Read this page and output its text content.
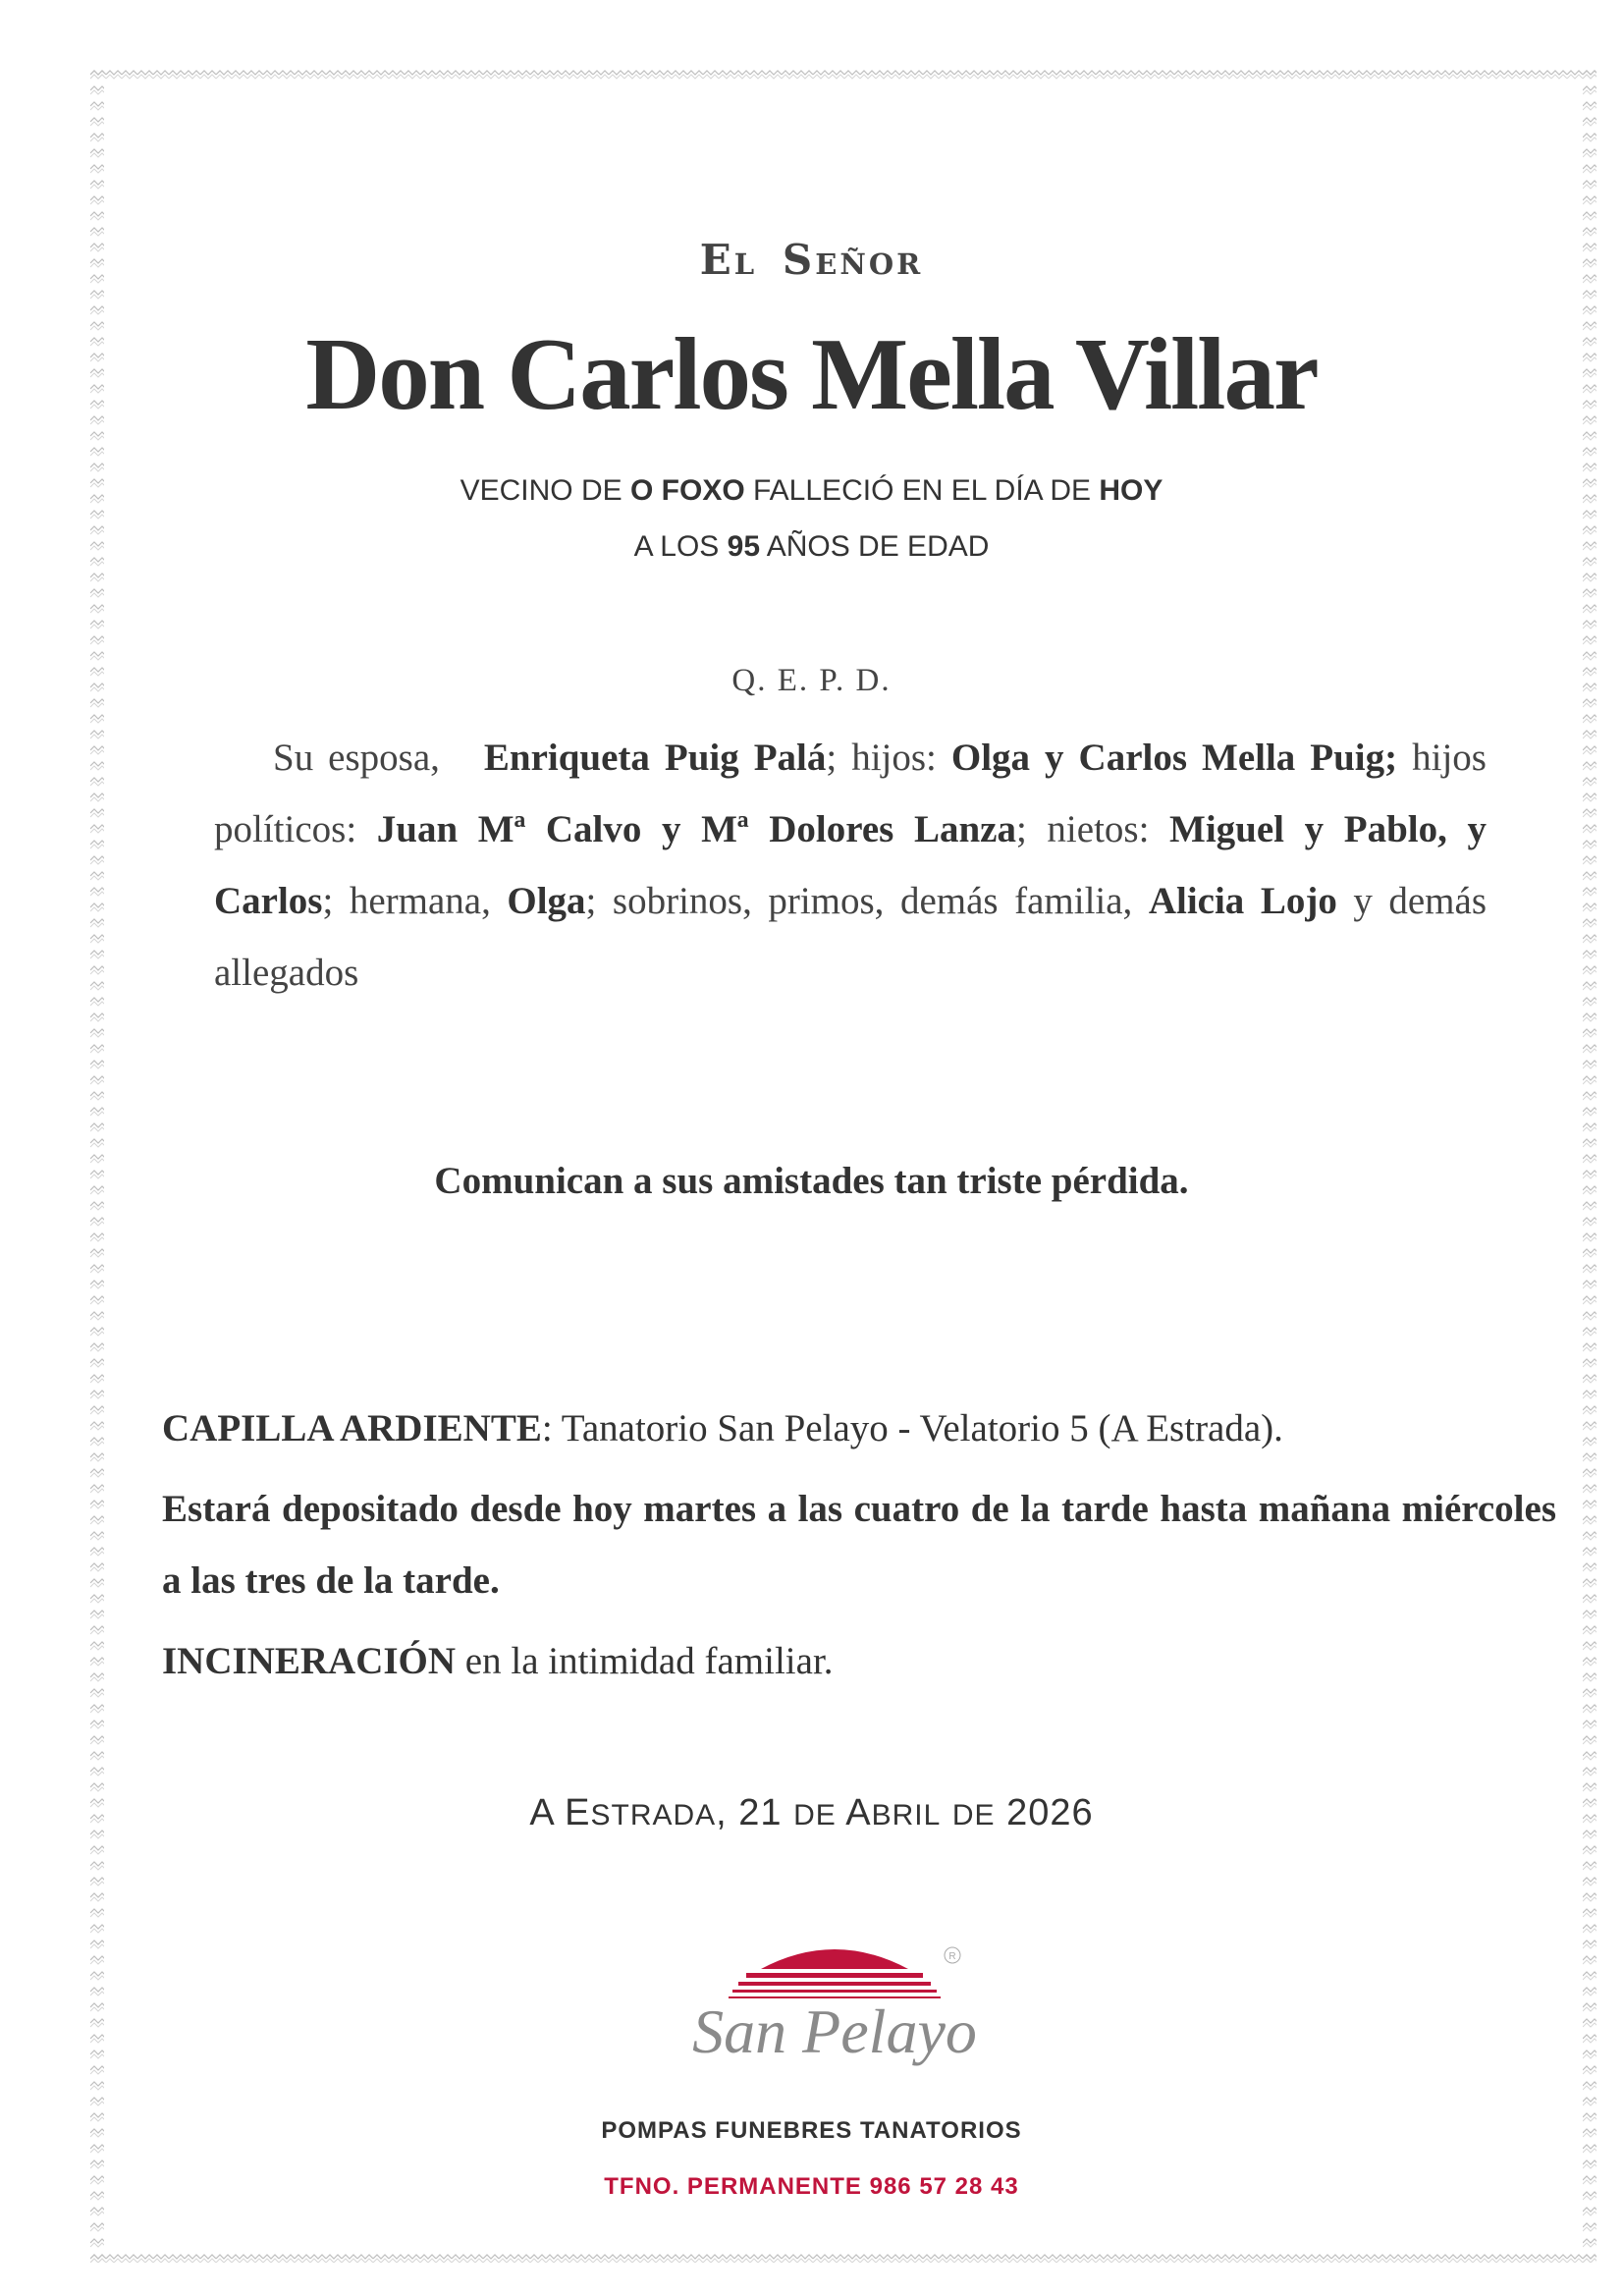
El Señor
Don Carlos Mella Villar
VECINO DE O FOXO FALLECIÓ EN EL DÍA DE HOY
A LOS 95 AÑOS DE EDAD
Q. E. P. D.
Su esposa, Enriqueta Puig Palá; hijos: Olga y Carlos Mella Puig; hijos políticos: Juan Mª Calvo y Mª Dolores Lanza; nietos: Miguel y Pablo, y Carlos; hermana, Olga; sobrinos, primos, demás familia, Alicia Lojo y demás allegados
Comunican a sus amistades tan triste pérdida.
CAPILLA ARDIENTE: Tanatorio San Pelayo - Velatorio 5 (A Estrada).
Estará depositado desde hoy martes a las cuatro de la tarde hasta mañana miércoles a las tres de la tarde.
INCINERACIÓN en la intimidad familiar.
A ESTRADA, 21 DE ABRIL DE 2026
R
San Pelayo
POMPAS FUNEBRES TANATORIOS
TFNO. PERMANENTE 986 57 28 43
